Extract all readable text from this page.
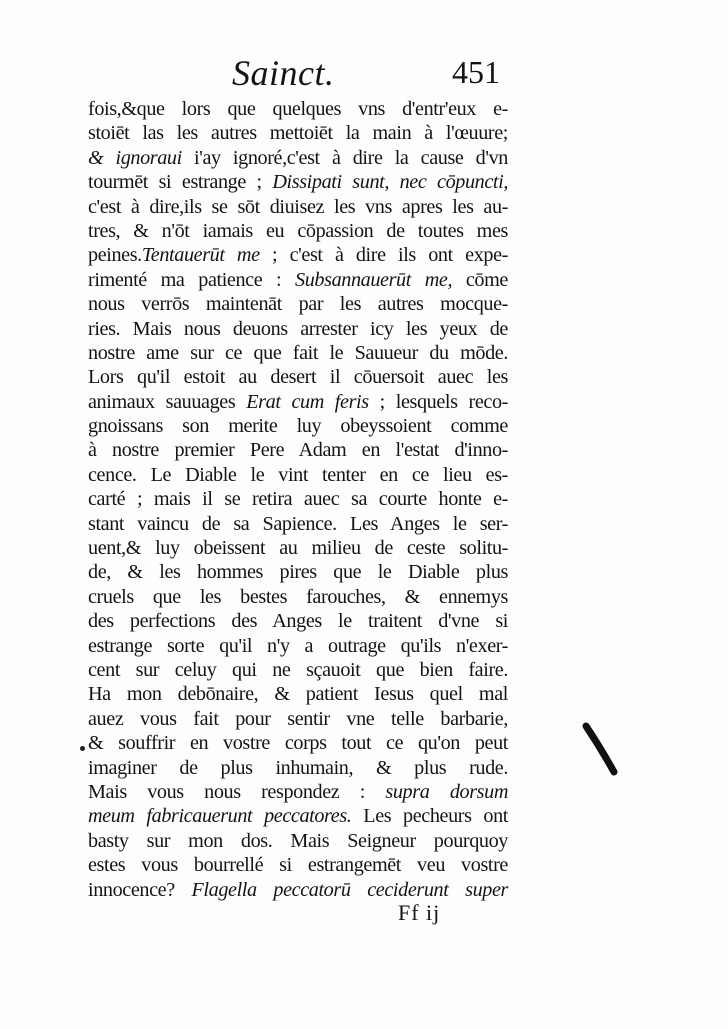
Sainct.	451
fois,&que lors que quelques vns d'entr'eux e-
stoiēt las les autres mettoiēt la main à l'œuure;
& ignoraui i'ay ignoré,c'est à dire la cause d'vn
tourmēt si estrange ; Dissipati sunt, nec cōpuncti,
c'est à dire,ils se sōt diuisez les vns apres les au-
tres, & n'ōt iamais eu cōpassion de toutes mes
peines.Tentauerūt me ; c'est à dire ils ont expe-
rimenté ma patience : Subsannauerūt me, cōme
nous verrōs maintenāt par les autres mocque-
ries. Mais nous deuons arrester icy les yeux de
nostre ame sur ce que fait le Sauueur du mōde.
Lors qu'il estoit au desert il cōuersoit auec les
animaux sauuages Erat cum feris ; lesquels reco-
gnoissans son merite luy obeyssoient comme
à nostre premier Pere Adam en l'estat d'inno-
cence. Le Diable le vint tenter en ce lieu es-
carté ; mais il se retira auec sa courte honte e-
stant vaincu de sa Sapience. Les Anges le ser-
uent,& luy obeissent au milieu de ceste solitu-
de, & les hommes pires que le Diable plus
cruels que les bestes farouches, & ennemys
des perfections des Anges le traitent d'vne si
estrange sorte qu'il n'y a outrage qu'ils n'exer-
cent sur celuy qui ne sçauoit que bien faire.
Ha mon debōnaire, & patient Iesus quel mal
auez vous fait pour sentir vne telle barbarie,
& souffrir en vostre corps tout ce qu'on peut
imaginer de plus inhumain, & plus rude.
Mais vous nous respondez : supra dorsum
meum fabricauerunt peccatores. Les pecheurs ont
basty sur mon dos. Mais Seigneur pourquoy
estes vous bourrellé si estrangemēt veu vostre
innocence? Flagella peccatorū ceciderunt super
Ff ij
